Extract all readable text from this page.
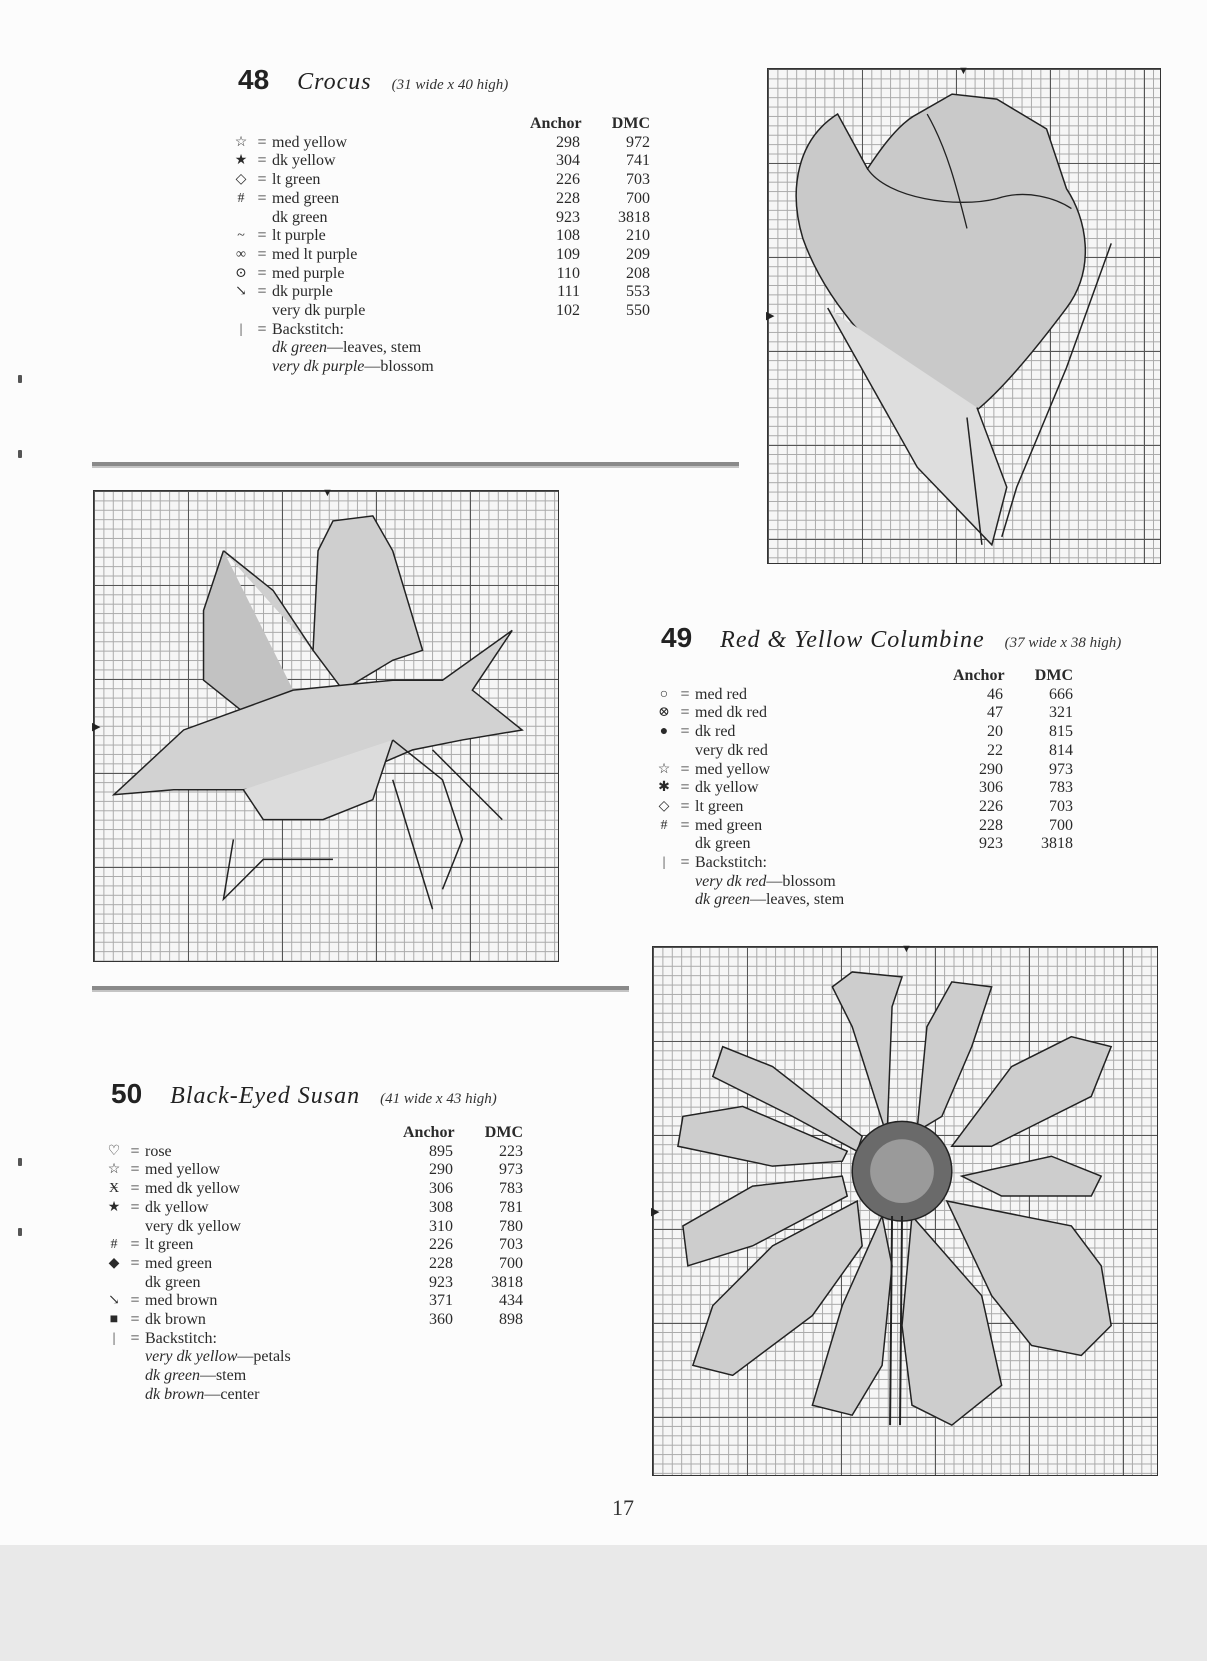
48 Crocus (31 wide x 40 high)
Anchor	DMC
☆ = med yellow	298	972
★ = dk yellow	304	741
◇ = lt green	226	703
# = med green	228	700
dk green	923	3818
~ = lt purple	108	210
∞ = med lt purple	109	209
⊙ = med purple	110	208
↘ = dk purple	111	553
very dk purple	102	550
| = Backstitch:
dk green—leaves, stem
very dk purple—blossom
▼
▶
▼
▶
49 Red & Yellow Columbine (37 wide x 38 high)
Anchor	DMC
○ = med red	46	666
⊗ = med dk red	47	321
● = dk red	20	815
very dk red	22	814
☆ = med yellow	290	973
✱ = dk yellow	306	783
◇ = lt green	226	703
# = med green	228	700
dk green	923	3818
| = Backstitch:
very dk red—blossom
dk green—leaves, stem
50 Black-Eyed Susan (41 wide x 43 high)
Anchor	DMC
♡ = rose	895	223
☆ = med yellow	290	973
Ӿ = med dk yellow	306	783
★ = dk yellow	308	781
very dk yellow	310	780
# = lt green	226	703
◆ = med green	228	700
dk green	923	3818
↘ = med brown	371	434
■ = dk brown	360	898
| = Backstitch:
very dk yellow—petals
dk green—stem
dk brown—center
▼
▶
17
